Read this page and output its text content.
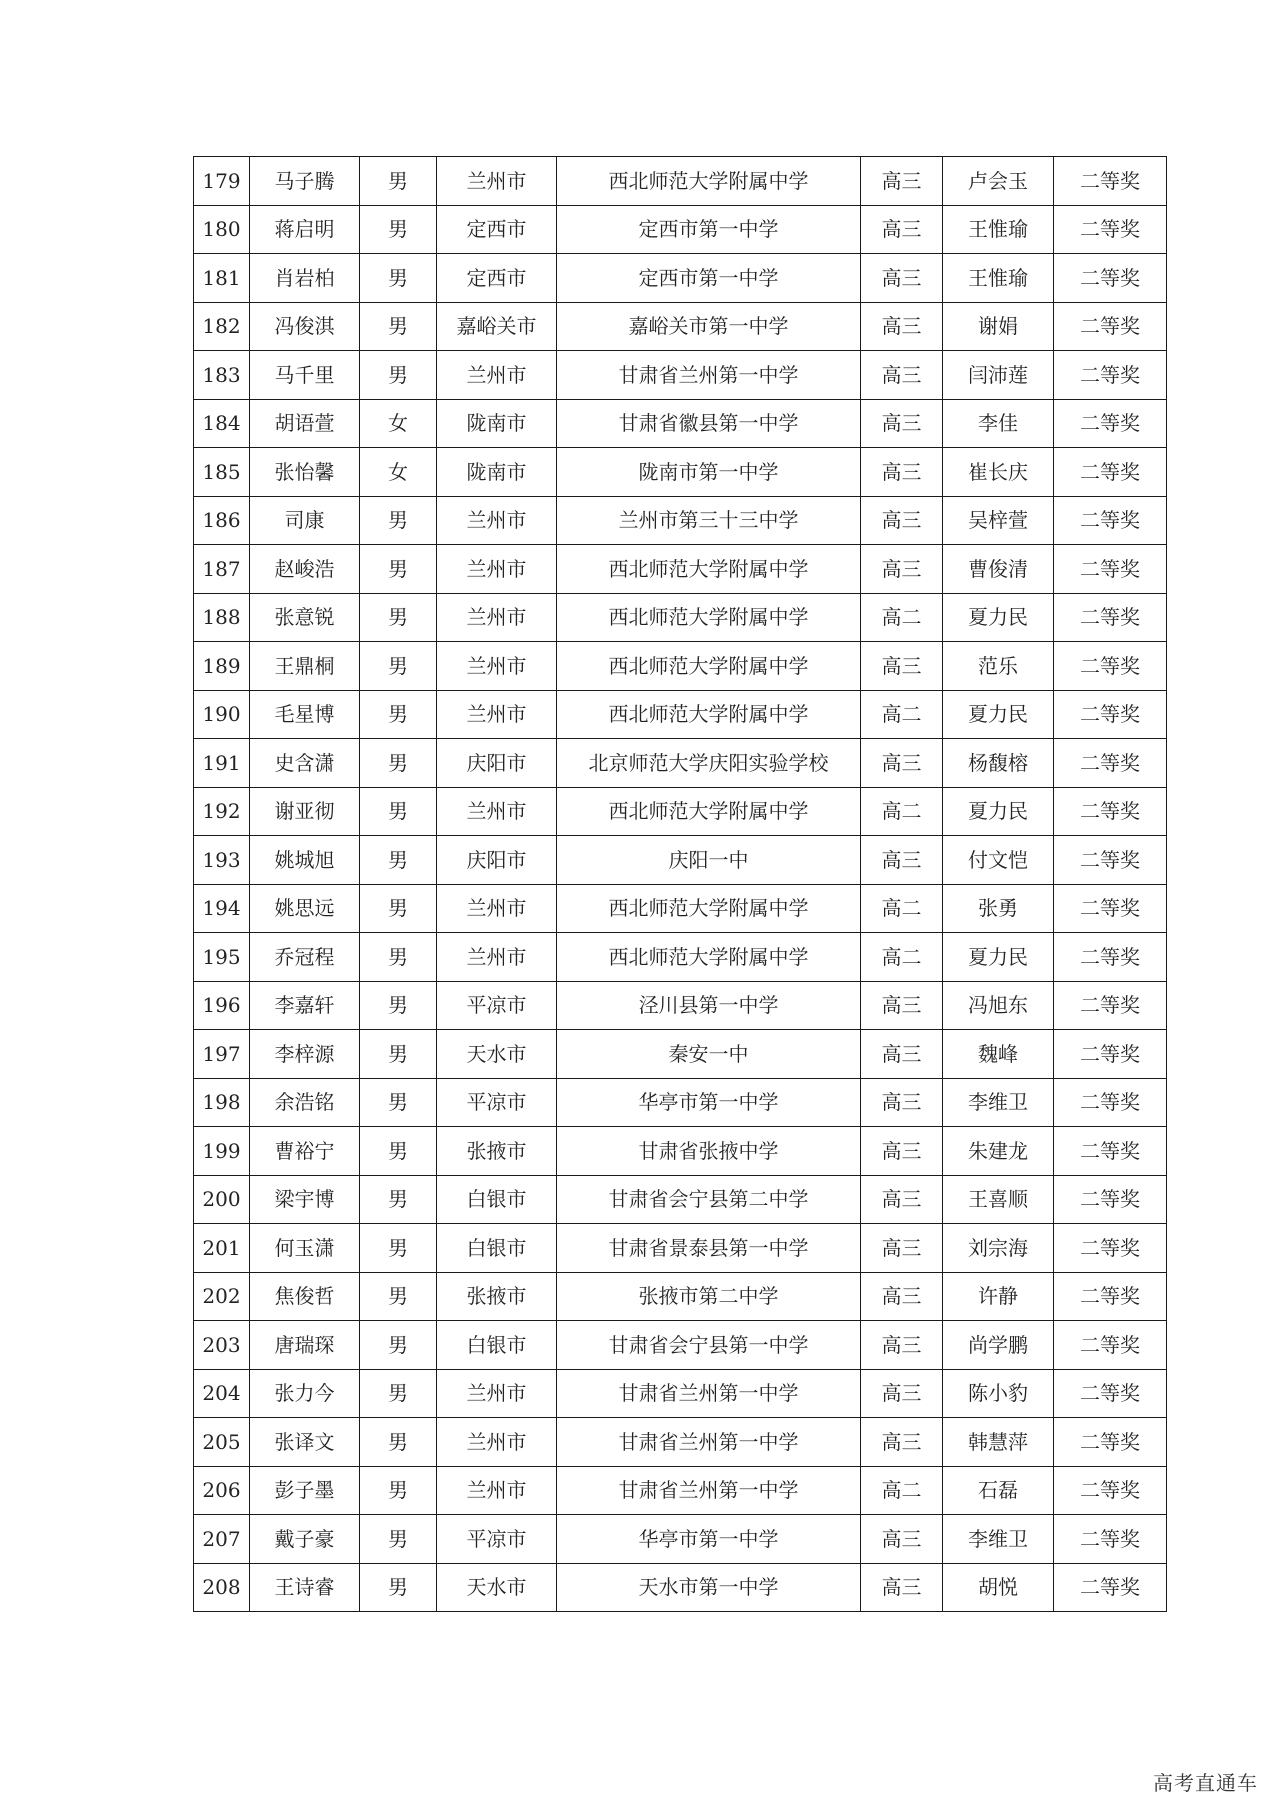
179	马子腾	男	兰州市	西北师范大学附属中学	高三	卢会玉	二等奖
180	蒋启明	男	定西市	定西市第一中学	高三	王惟瑜	二等奖
181	肖岩柏	男	定西市	定西市第一中学	高三	王惟瑜	二等奖
182	冯俊淇	男	嘉峪关市	嘉峪关市第一中学	高三	谢娟	二等奖
183	马千里	男	兰州市	甘肃省兰州第一中学	高三	闫沛莲	二等奖
184	胡语萱	女	陇南市	甘肃省徽县第一中学	高三	李佳	二等奖
185	张怡馨	女	陇南市	陇南市第一中学	高三	崔长庆	二等奖
186	司康	男	兰州市	兰州市第三十三中学	高三	吴梓萱	二等奖
187	赵峻浩	男	兰州市	西北师范大学附属中学	高三	曹俊清	二等奖
188	张意锐	男	兰州市	西北师范大学附属中学	高二	夏力民	二等奖
189	王鼎桐	男	兰州市	西北师范大学附属中学	高三	范乐	二等奖
190	毛星博	男	兰州市	西北师范大学附属中学	高二	夏力民	二等奖
191	史含潇	男	庆阳市	北京师范大学庆阳实验学校	高三	杨馥榕	二等奖
192	谢亚彻	男	兰州市	西北师范大学附属中学	高二	夏力民	二等奖
193	姚城旭	男	庆阳市	庆阳一中	高三	付文恺	二等奖
194	姚思远	男	兰州市	西北师范大学附属中学	高二	张勇	二等奖
195	乔冠程	男	兰州市	西北师范大学附属中学	高二	夏力民	二等奖
196	李嘉轩	男	平凉市	泾川县第一中学	高三	冯旭东	二等奖
197	李梓源	男	天水市	秦安一中	高三	魏峰	二等奖
198	余浩铭	男	平凉市	华亭市第一中学	高三	李维卫	二等奖
199	曹裕宁	男	张掖市	甘肃省张掖中学	高三	朱建龙	二等奖
200	梁宇博	男	白银市	甘肃省会宁县第二中学	高三	王喜顺	二等奖
201	何玉潇	男	白银市	甘肃省景泰县第一中学	高三	刘宗海	二等奖
202	焦俊哲	男	张掖市	张掖市第二中学	高三	许静	二等奖
203	唐瑞琛	男	白银市	甘肃省会宁县第一中学	高三	尚学鹏	二等奖
204	张力今	男	兰州市	甘肃省兰州第一中学	高三	陈小豹	二等奖
205	张译文	男	兰州市	甘肃省兰州第一中学	高三	韩慧萍	二等奖
206	彭子墨	男	兰州市	甘肃省兰州第一中学	高二	石磊	二等奖
207	戴子豪	男	平凉市	华亭市第一中学	高三	李维卫	二等奖
208	王诗睿	男	天水市	天水市第一中学	高三	胡悦	二等奖
高考直通车
